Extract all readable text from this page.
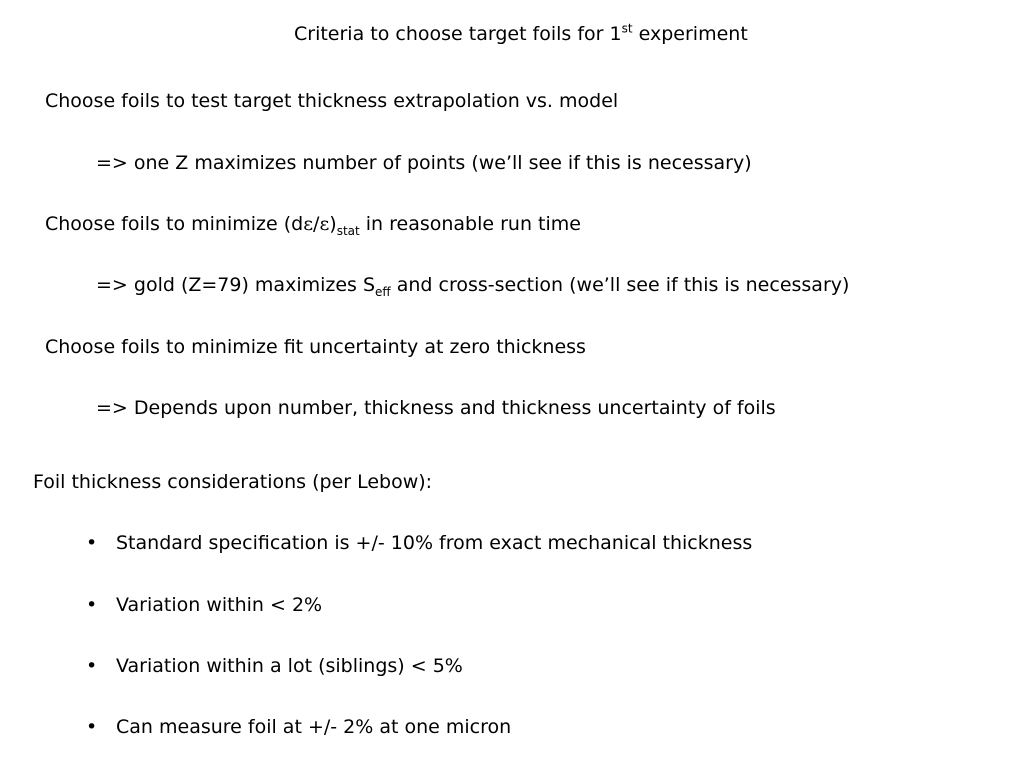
Criteria to choose target foils for 1st experiment
Choose foils to test target thickness extrapolation vs. model
=> one Z maximizes number of points (we’ll see if this is necessary)
Choose foils to minimize $(d\varepsilon/\varepsilon)_{stat}$ in reasonable run time
=> gold (Z=79) maximizes $S_{eff}$ and cross-section (we’ll see if this is necessary)
Choose foils to minimize fit uncertainty at zero thickness
=> Depends upon number, thickness and thickness uncertainty of foils
Foil thickness considerations (per Lebow):
• Standard specification is +/- 10% from exact mechanical thickness
• Variation within < 2%
• Variation within a lot (siblings) < 5%
• Can measure foil at +/- 2% at one micron
